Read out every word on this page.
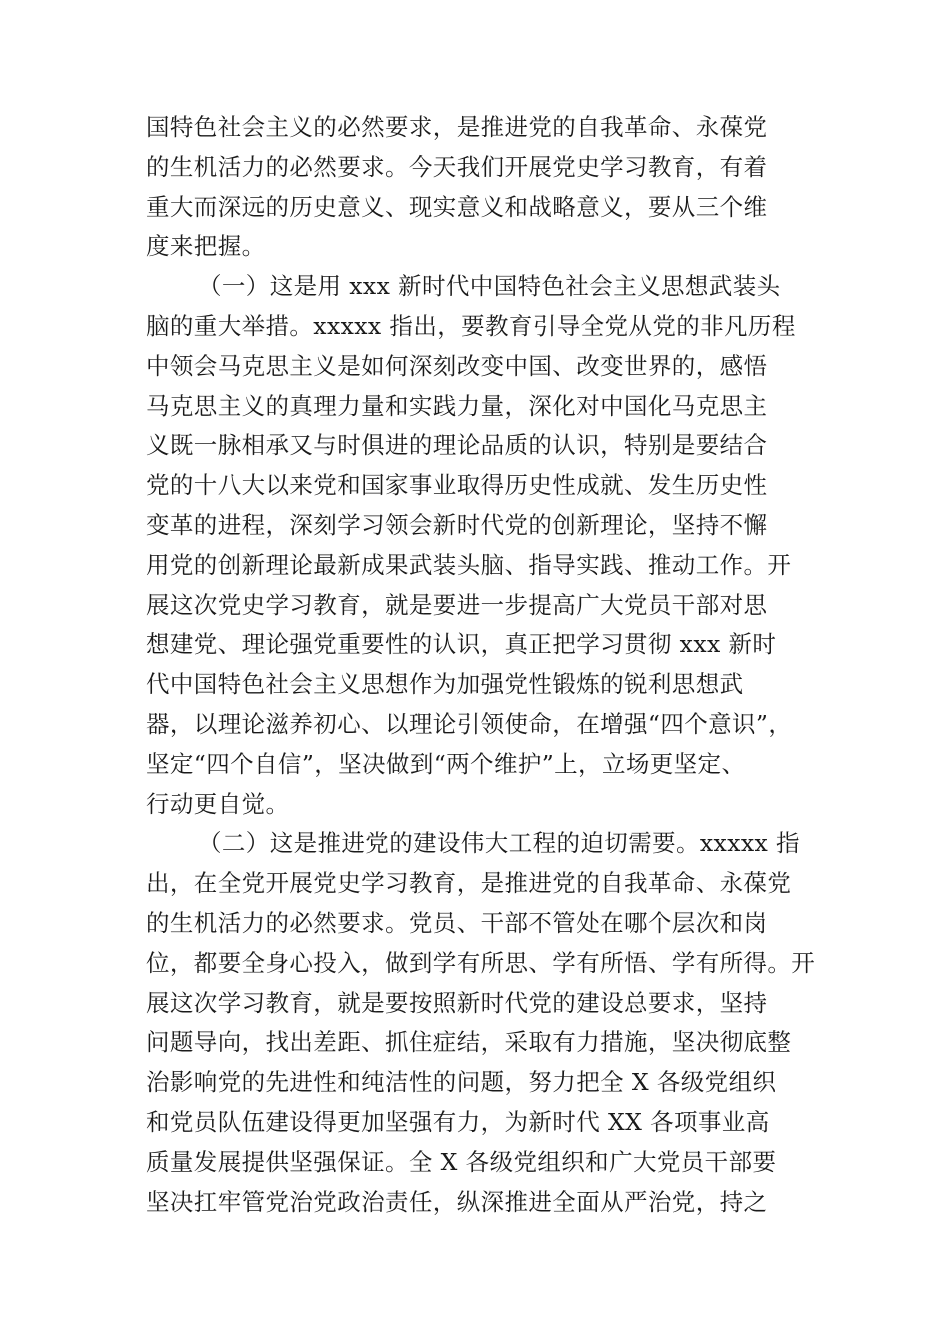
国特色社会主义的必然要求，是推进党的自我革命、永葆党
的生机活力的必然要求。今天我们开展党史学习教育，有着
重大而深远的历史意义、现实意义和战略意义，要从三个维
度来把握。
（一）这是用 xxx 新时代中国特色社会主义思想武装头
脑的重大举措。xxxxx 指出，要教育引导全党从党的非凡历程
中领会马克思主义是如何深刻改变中国、改变世界的，感悟
马克思主义的真理力量和实践力量，深化对中国化马克思主
义既一脉相承又与时俱进的理论品质的认识，特别是要结合
党的十八大以来党和国家事业取得历史性成就、发生历史性
变革的进程，深刻学习领会新时代党的创新理论，坚持不懈
用党的创新理论最新成果武装头脑、指导实践、推动工作。开
展这次党史学习教育，就是要进一步提高广大党员干部对思
想建党、理论强党重要性的认识，真正把学习贯彻 xxx 新时
代中国特色社会主义思想作为加强党性锻炼的锐利思想武
器，以理论滋养初心、以理论引领使命，在增强“四个意识”，
坚定“四个自信”，坚决做到“两个维护”上，立场更坚定、
行动更自觉。
（二）这是推进党的建设伟大工程的迫切需要。xxxxx 指
出，在全党开展党史学习教育，是推进党的自我革命、永葆党
的生机活力的必然要求。党员、干部不管处在哪个层次和岗
位，都要全身心投入，做到学有所思、学有所悟、学有所得。开
展这次学习教育，就是要按照新时代党的建设总要求，坚持
问题导向，找出差距、抓住症结，采取有力措施，坚决彻底整
治影响党的先进性和纯洁性的问题，努力把全 X 各级党组织
和党员队伍建设得更加坚强有力，为新时代 XX 各项事业高
质量发展提供坚强保证。全 X 各级党组织和广大党员干部要
坚决扛牢管党治党政治责任，纵深推进全面从严治党，持之
